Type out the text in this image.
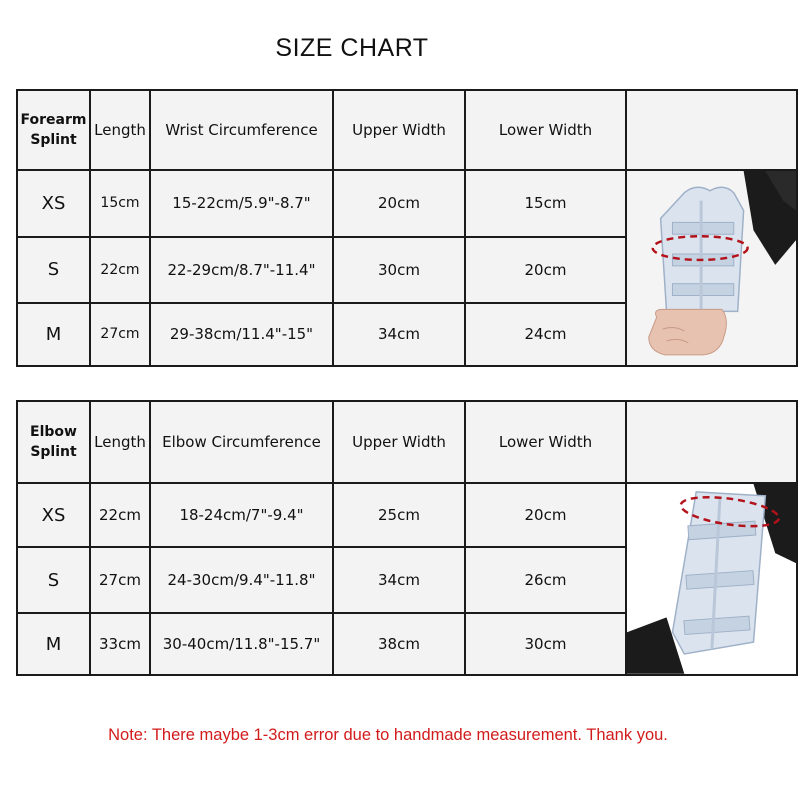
SIZE CHART
Forearm Splint	Length	Wrist Circumference	Upper Width	Lower Width	
XS	15cm	15-22cm/5.9"-8.7"	20cm	15cm	

S	22cm	22-29cm/8.7"-11.4"	30cm	20cm	
M	27cm	29-38cm/11.4"-15"	34cm	24cm	
Elbow Splint	Length	Elbow Circumference	Upper Width	Lower Width	
XS	22cm	18-24cm/7"-9.4"	25cm	20cm	

S	27cm	24-30cm/9.4"-11.8"	34cm	26cm	
M	33cm	30-40cm/11.8"-15.7"	38cm	30cm	
Note: There maybe 1-3cm error due to handmade measurement. Thank you.
